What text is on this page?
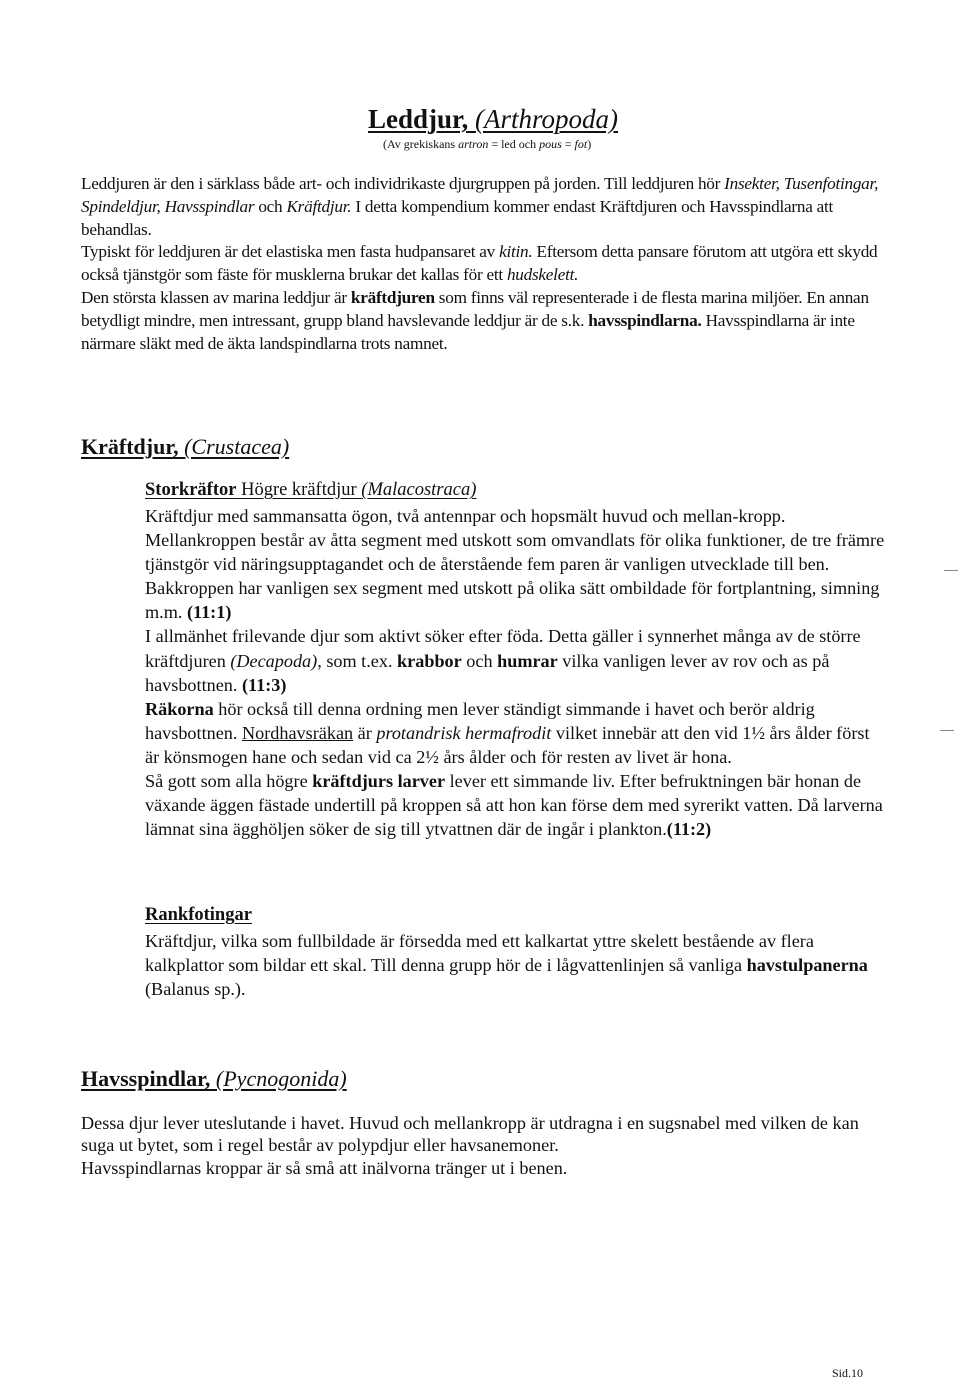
Leddjur, (Arthropoda)
(Av grekiskans artron = led och pous = fot)

Leddjuren är den i särklass både art- och individrikaste djurgruppen på jorden. Till leddjuren hör Insekter, Tusenfotingar, Spindeldjur, Havsspindlar och Kräftdjur. I detta kompendium kommer endast Kräftdjuren och Havsspindlarna att behandlas.

Typiskt för leddjuren är det elastiska men fasta hudpansaret av kitin. Eftersom detta pansare förutom att utgöra ett skydd också tjänstgör som fäste för musklerna brukar det kallas för ett hudskelett.

Den största klassen av marina leddjur är kräftdjuren som finns väl representerade i de flesta marina miljöer. En annan betydligt mindre, men intressant, grupp bland havslevande leddjur är de s.k. havsspindlarna. Havsspindlarna är inte närmare släkt med de äkta landspindlarna trots namnet.

Kräftdjur, (Crustacea)
Storkräftor Högre kräftdjur (Malacostraca)

Kräftdjur med sammansatta ögon, två antennpar och hopsmält huvud och mellan-kropp. Mellankroppen består av åtta segment med utskott som omvandlats för olika funktioner, de tre främre tjänstgör vid näringsupptagandet och de återstående fem paren är vanligen utvecklade till ben. Bakkroppen har vanligen sex segment med utskott på olika sätt ombildade för fortplantning, simning m.m. (11:1)

I allmänhet frilevande djur som aktivt söker efter föda. Detta gäller i synnerhet många av de större kräftdjuren (Decapoda), som t.ex. krabbor och humrar vilka vanligen lever av rov och as på havsbottnen. (11:3)

Räkorna hör också till denna ordning men lever ständigt simmande i havet och berör aldrig havsbottnen. Nordhavsräkan är protandrisk hermafrodit vilket innebär att den vid 1½ års ålder först är könsmogen hane och sedan vid ca 2½ års ålder och för resten av livet är hona.

Så gott som alla högre kräftdjurs larver lever ett simmande liv. Efter befruktningen bär honan de växande äggen fästade undertill på kroppen så att hon kan förse dem med syrerikt vatten. Då larverna lämnat sina ägghöljen söker de sig till ytvattnen där de ingår i plankton.(11:2)

Rankfotingar

Kräftdjur, vilka som fullbildade är försedda med ett kalkartat yttre skelett bestående av flera kalkplattor som bildar ett skal. Till denna grupp hör de i lågvattenlinjen så vanliga havstulpanerna (Balanus sp.).

Havsspindlar, (Pycnogonida)

Dessa djur lever uteslutande i havet. Huvud och mellankropp är utdragna i en sugsnabel med vilken de kan suga ut bytet, som i regel består av polypdjur eller havsanemoner.

Havsspindlarnas kroppar är så små att inälvorna tränger ut i benen.

Sid.10
